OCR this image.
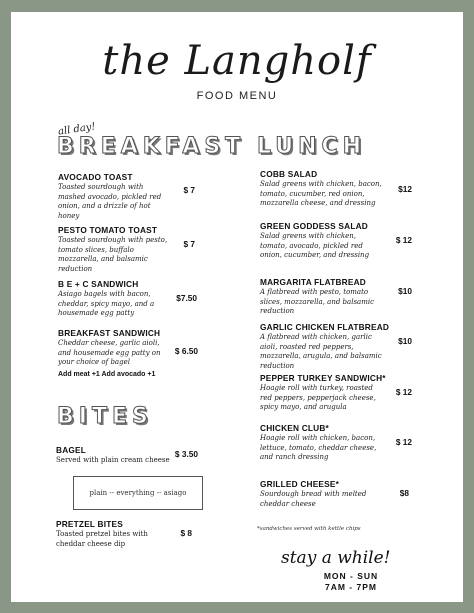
the Langholf
FOOD MENU
all day!
BREAKFAST
AVOCADO TOAST
Toasted sourdough with mashed avocado, pickled red onion, and a drizzle of hot honey
$ 7
PESTO TOMATO TOAST
Toasted sourdough with pesto, tomato slices, buffalo mozzarella, and balsamic reduction
$ 7
B E + C SANDWICH
Asiago bagels with bacon, cheddar, spicy mayo, and a housemade egg patty
$7.50
BREAKFAST SANDWICH
Cheddar cheese, garlic aioli, and housemade egg patty on your choice of bagel
Add meat +1 Add avocado +1
$ 6.50
BITES
BAGEL
Served with plain cream cheese
$ 3.50
plain -- everything -- asiago
PRETZEL BITES
Toasted pretzel bites with cheddar cheese dip
$ 8
LUNCH
COBB SALAD
Salad greens with chicken, bacon, tomato, cucumber, red onion, mozzarella cheese, and dressing
$12
GREEN GODDESS SALAD
Salad greens with chicken, tomato, avocado, pickled red onion, cucumber, and dressing
$ 12
MARGARITA FLATBREAD
A flatbread with pesto, tomato slices, mozzarella, and balsamic reduction
$10
GARLIC CHICKEN FLATBREAD
A flatbread with chicken, garlic aioli, roasted red peppers, mozzarella, arugula, and balsamic reduction
$10
PEPPER TURKEY SANDWICH*
Hoagie roll with turkey, roasted red peppers, pepperjack cheese, spicy mayo, and arugula
$ 12
CHICKEN CLUB*
Hoagie roll with chicken, bacon, lettuce, tomato, cheddar cheese, and ranch dressing
$ 12
GRILLED CHEESE*
Sourdough bread with melted cheddar cheese
$8
*sandwiches served with kettle chips
stay a while!
MON - SUN
7AM - 7PM
